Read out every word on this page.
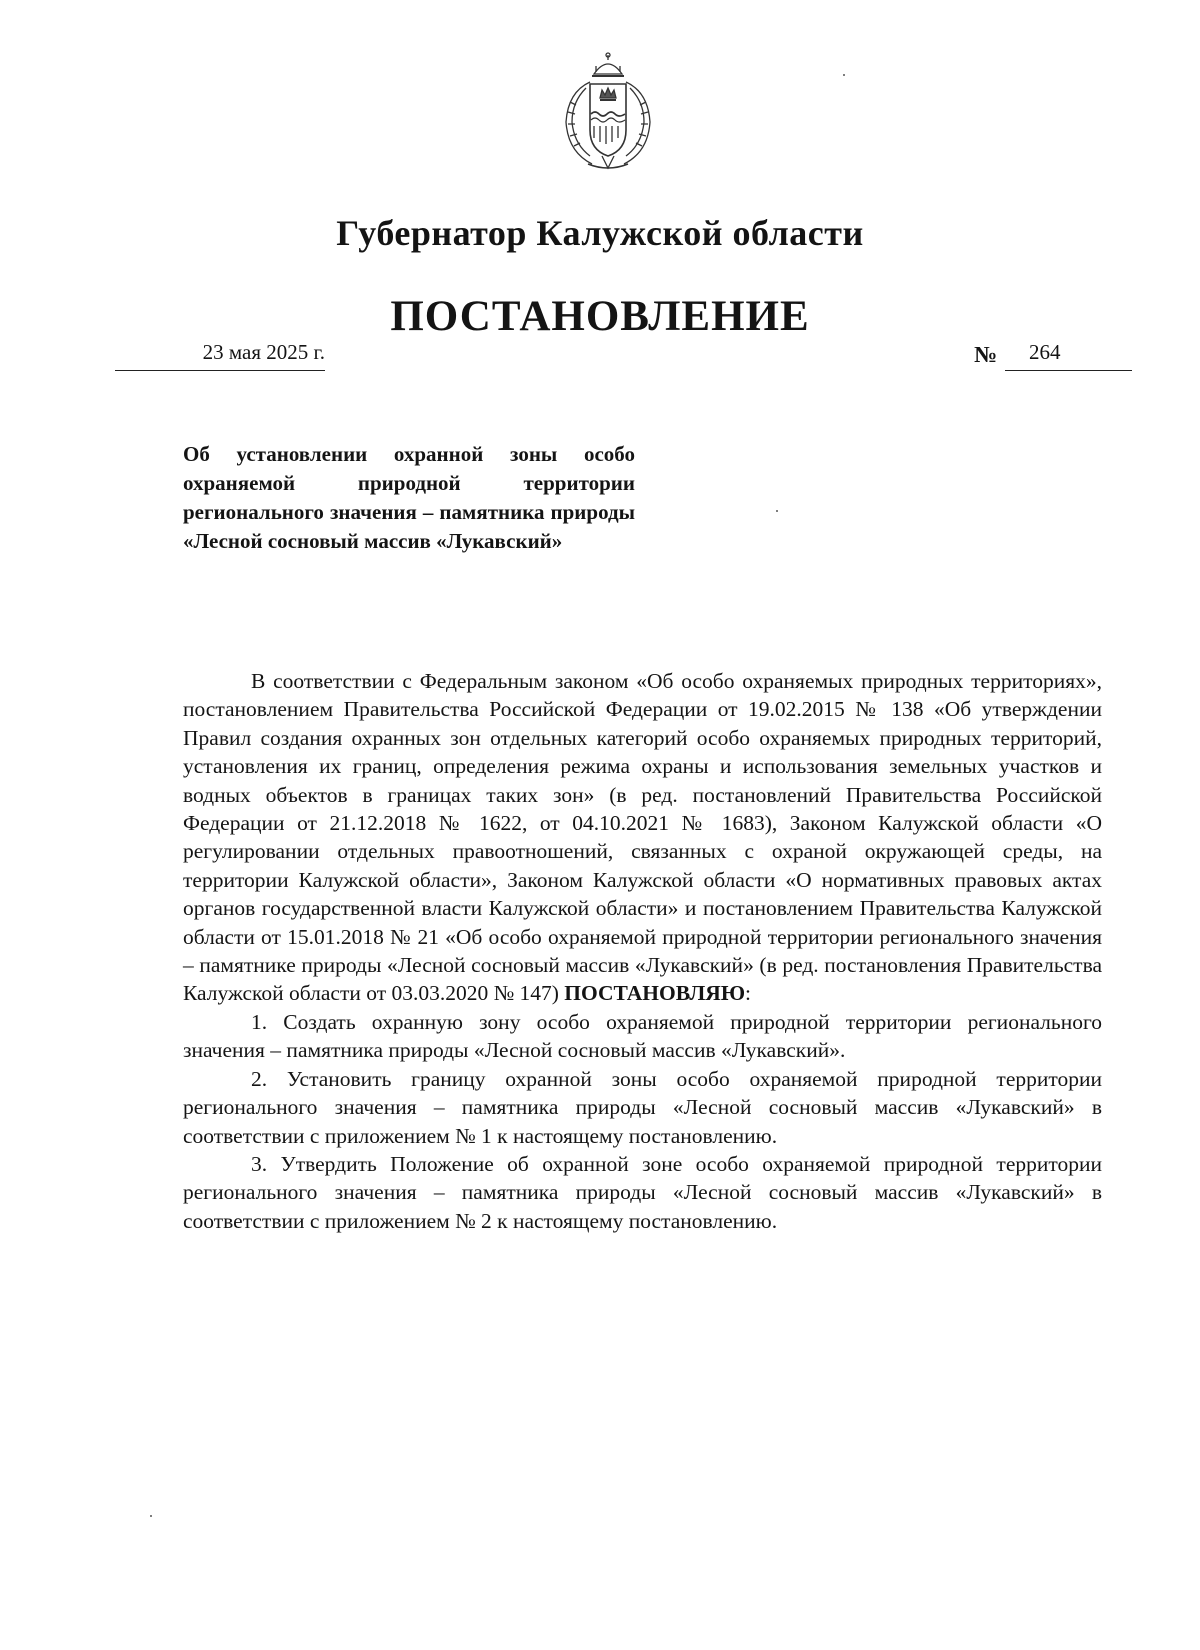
Губернатор Калужской области
ПОСТАНОВЛЕНИЕ
23 мая 2025 г.	№ 264
Об установлении охранной зоны особо охраняемой природной территории регионального значения – памятника природы «Лесной сосновый массив «Лукавский»

В соответствии с Федеральным законом «Об особо охраняемых природных территориях», постановлением Правительства Российской Федерации от 19.02.2015 № 138 «Об утверждении Правил создания охранных зон отдельных категорий особо охраняемых природных территорий, установления их границ, определения режима охраны и использования земельных участков и водных объектов в границах таких зон» (в ред. постановлений Правительства Российской Федерации от 21.12.2018 № 1622, от 04.10.2021 № 1683), Законом Калужской области «О регулировании отдельных правоотношений, связанных с охраной окружающей среды, на территории Калужской области», Законом Калужской области «О нормативных правовых актах органов государственной власти Калужской области» и постановлением Правительства Калужской области от 15.01.2018 № 21 «Об особо охраняемой природной территории регионального значения – памятнике природы «Лесной сосновый массив «Лукавский» (в ред. постановления Правительства Калужской области от 03.03.2020 № 147) ПОСТАНОВЛЯЮ:

1. Создать охранную зону особо охраняемой природной территории регионального значения – памятника природы «Лесной сосновый массив «Лукавский».

2. Установить границу охранной зоны особо охраняемой природной территории регионального значения – памятника природы «Лесной сосновый массив «Лукавский» в соответствии с приложением № 1 к настоящему постановлению.

3. Утвердить Положение об охранной зоне особо охраняемой природной территории регионального значения – памятника природы «Лесной сосновый массив «Лукавский» в соответствии с приложением № 2 к настоящему постановлению.
